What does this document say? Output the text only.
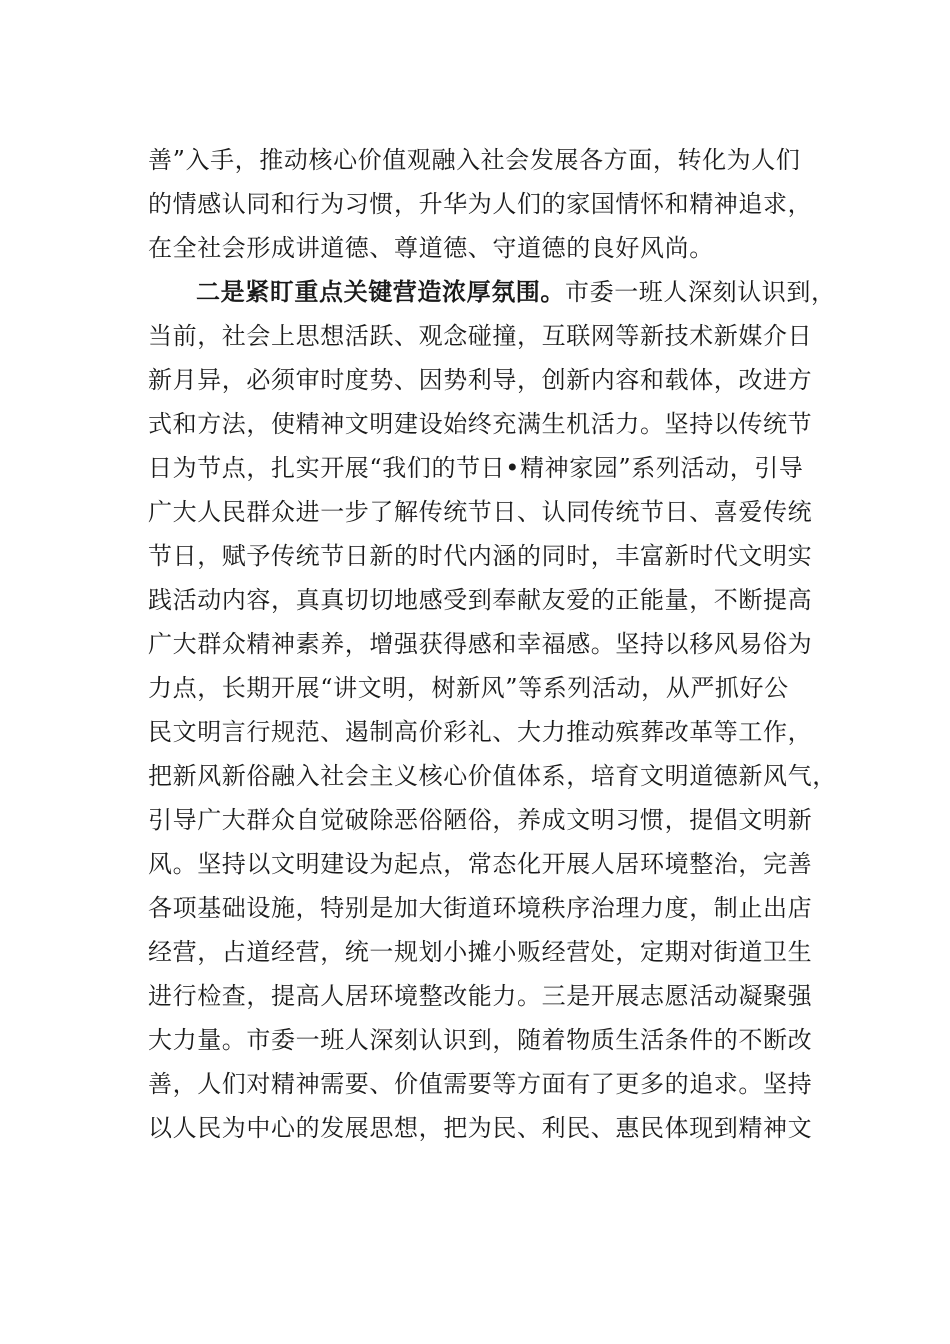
善”入手，推动核心价值观融入社会发展各方面，转化为人们
的情感认同和行为习惯，升华为人们的家国情怀和精神追求，
在全社会形成讲道德、尊道德、守道德的良好风尚。
二是紧盯重点关键营造浓厚氛围。市委一班人深刻认识到，
当前，社会上思想活跃、观念碰撞，互联网等新技术新媒介日
新月异，必须审时度势、因势利导，创新内容和载体，改进方
式和方法，使精神文明建设始终充满生机活力。坚持以传统节
日为节点，扎实开展“我们的节日•精神家园”系列活动，引导
广大人民群众进一步了解传统节日、认同传统节日、喜爱传统
节日，赋予传统节日新的时代内涵的同时，丰富新时代文明实
践活动内容，真真切切地感受到奉献友爱的正能量，不断提高
广大群众精神素养，增强获得感和幸福感。坚持以移风易俗为
力点，长期开展“讲文明，树新风”等系列活动，从严抓好公
民文明言行规范、遏制高价彩礼、大力推动殡葬改革等工作，
把新风新俗融入社会主义核心价值体系，培育文明道德新风气，
引导广大群众自觉破除恶俗陋俗，养成文明习惯，提倡文明新
风。坚持以文明建设为起点，常态化开展人居环境整治，完善
各项基础设施，特别是加大街道环境秩序治理力度，制止出店
经营，占道经营，统一规划小摊小贩经营处，定期对街道卫生
进行检查，提高人居环境整改能力。三是开展志愿活动凝聚强
大力量。市委一班人深刻认识到，随着物质生活条件的不断改
善，人们对精神需要、价值需要等方面有了更多的追求。坚持
以人民为中心的发展思想，把为民、利民、惠民体现到精神文
